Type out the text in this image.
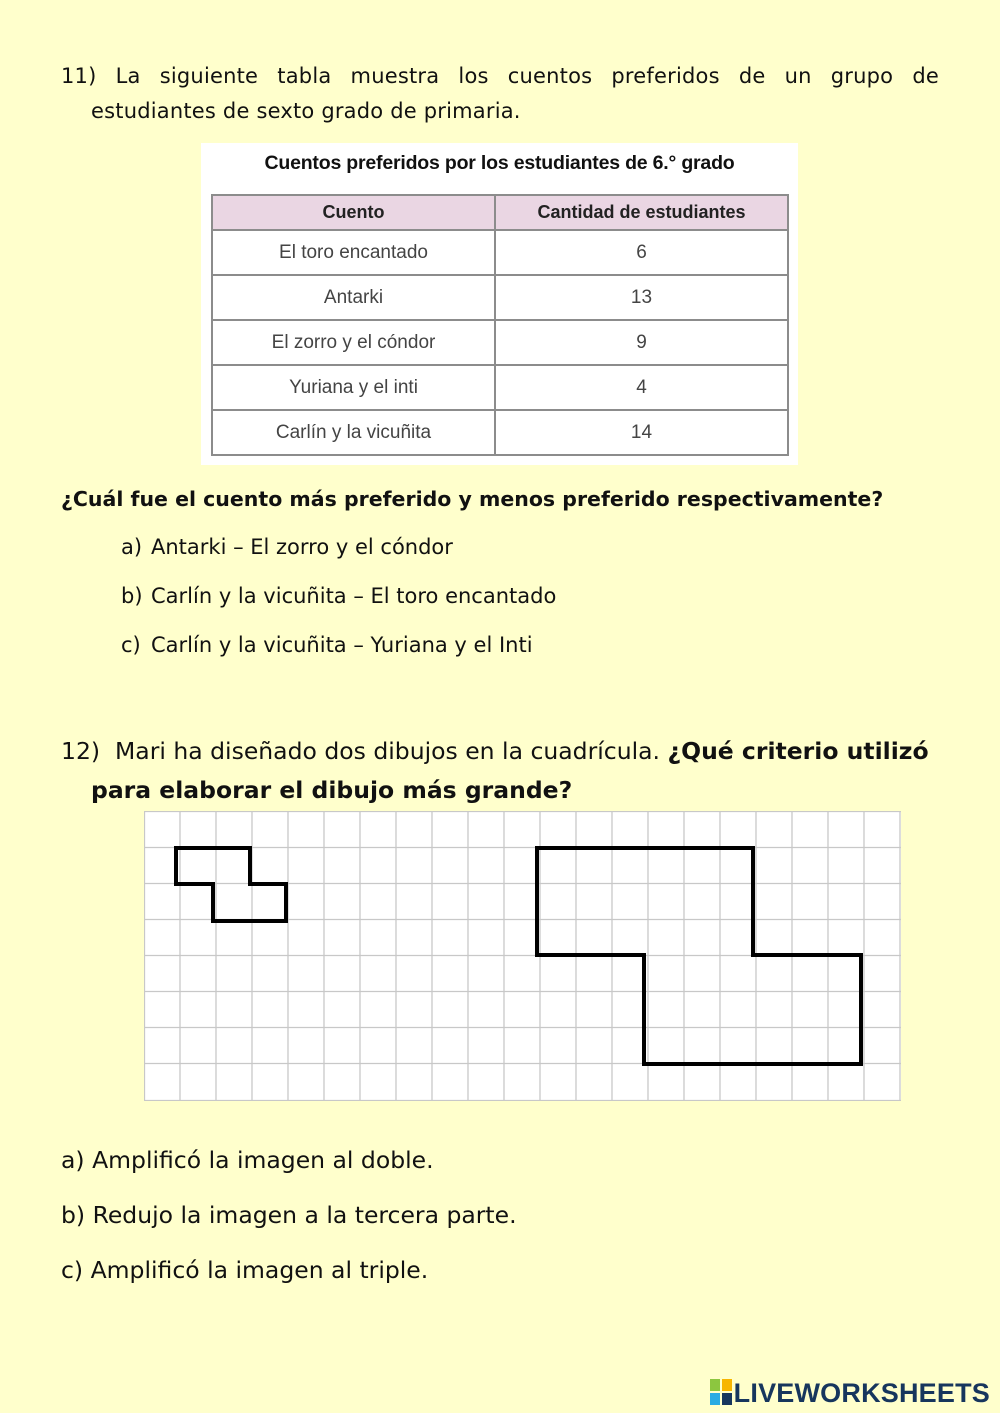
11) La siguiente tabla muestra los cuentos preferidos de un grupo de
estudiantes de sexto grado de primaria.
Cuentos preferidos por los estudiantes de 6.° grado
Cuento	Cantidad de estudiantes
El toro encantado	6
Antarki	13
El zorro y el cóndor	9
Yuriana y el inti	4
Carlín y la vicuñita	14
¿Cuál fue el cuento más preferido y menos preferido respectivamente?
a) Antarki – El zorro y el cóndor
b) Carlín y la vicuñita – El toro encantado
c) Carlín y la vicuñita – Yuriana y el Inti
12) Mari ha diseñado dos dibujos en la cuadrícula. ¿Qué criterio utilizó
para elaborar el dibujo más grande?
a) Amplificó la imagen al doble.
b) Redujo la imagen a la tercera parte.
c) Amplificó la imagen al triple.
LIVEWORKSHEETS
